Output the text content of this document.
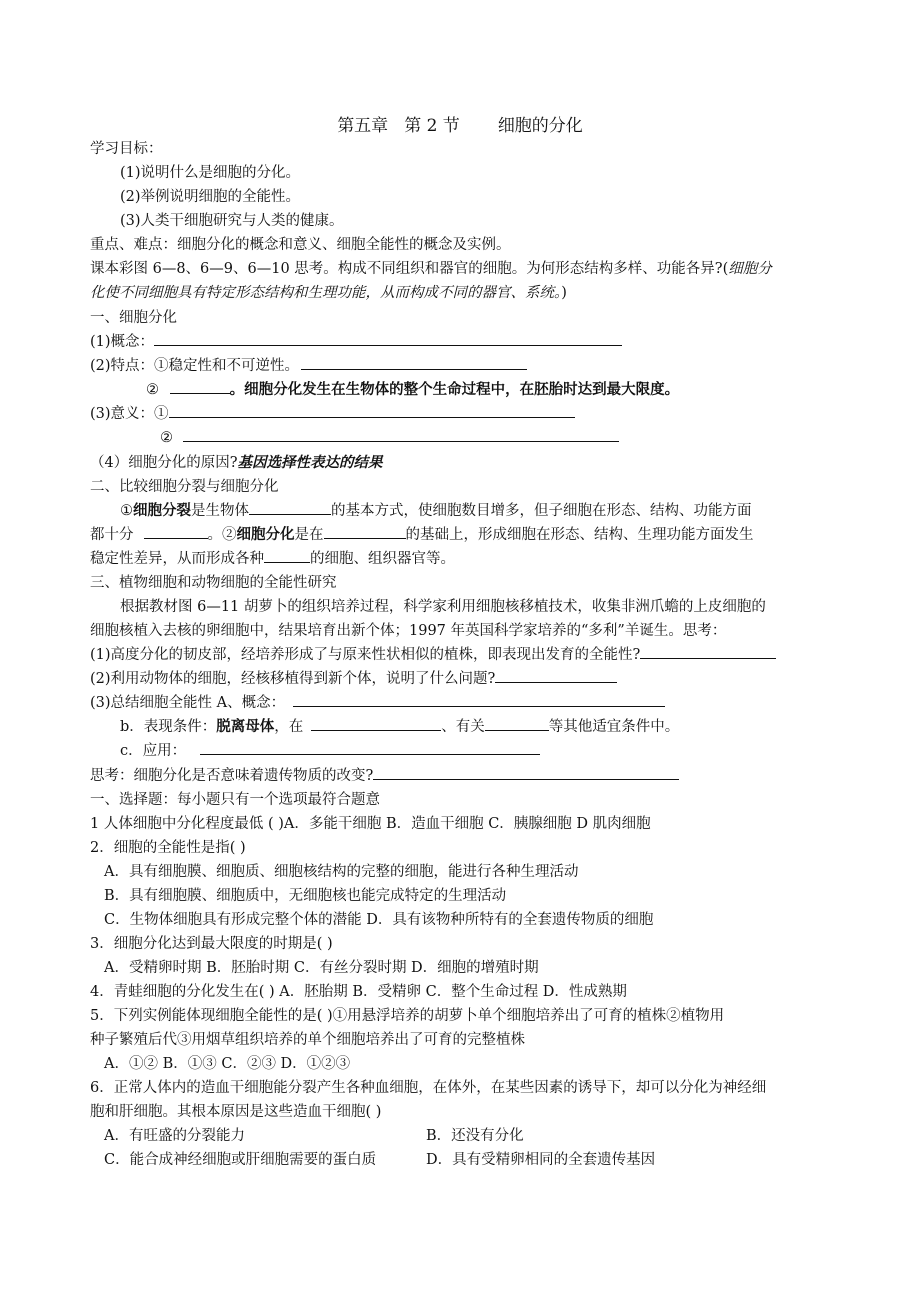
第五章 第 2 节 细胞的分化
学习目标：
(1)说明什么是细胞的分化。
(2)举例说明细胞的全能性。
(3)人类干细胞研究与人类的健康。
重点、难点：细胞分化的概念和意义、细胞全能性的概念及实例。
课本彩图 6—8、6—9、6—10 思考。构成不同组织和器官的细胞。为何形态结构多样、功能各异?(细胞分
化使不同细胞具有特定形态结构和生理功能，从而构成不同的器官、系统。)
一、细胞分化
(1)概念：
(2)特点：①稳定性和不可逆性。
②	。细胞分化发生在生物体的整个生命过程中，在胚胎时达到最大限度。
(3)意义：①
②
（4）细胞分化的原因?基因选择性表达的结果
二、比较细胞分裂与细胞分化
①细胞分裂是生物体	的基本方式，使细胞数目增多，但子细胞在形态、结构、功能方面
都十分	。②细胞分化是在	的基础上，形成细胞在形态、结构、生理功能方面发生
稳定性差异，从而形成各种	的细胞、组织器官等。
三、植物细胞和动物细胞的全能性研究
根据教材图 6—11 胡萝卜的组织培养过程，科学家利用细胞核移植技术，收集非洲爪蟾的上皮细胞的
细胞核植入去核的卵细胞中，结果培育出新个体；1997 年英国科学家培养的“多利”羊诞生。思考：
(1)高度分化的韧皮部，经培养形成了与原来性状相似的植株，即表现出发育的全能性?
(2)利用动物体的细胞，经核移植得到新个体，说明了什么问题?
(3)总结细胞全能性 A、概念：
b．表现条件：脱离母体，在	、有关	等其他适宜条件中。
c．应用：
思考：细胞分化是否意味着遗传物质的改变?
一、选择题：每小题只有一个选项最符合题意
1 人体细胞中分化程度最低 ( )A．多能干细胞 B．造血干细胞 C．胰腺细胞 D 肌肉细胞
2．细胞的全能性是指( )
A．具有细胞膜、细胞质、细胞核结构的完整的细胞，能进行各种生理活动
B．具有细胞膜、细胞质中，无细胞核也能完成特定的生理活动
C．生物体细胞具有形成完整个体的潜能 D．具有该物种所特有的全套遗传物质的细胞
3．细胞分化达到最大限度的时期是( )
A．受精卵时期 B．胚胎时期 C．有丝分裂时期 D．细胞的增殖时期
4．青蛙细胞的分化发生在( ) A．胚胎期 B．受精卵 C．整个生命过程 D．性成熟期
5．下列实例能体现细胞全能性的是( )①用悬浮培养的胡萝卜单个细胞培养出了可育的植株②植物用
种子繁殖后代③用烟草组织培养的单个细胞培养出了可育的完整植株
A．①② B．①③ C．②③ D．①②③
6．正常人体内的造血干细胞能分裂产生各种血细胞，在体外，在某些因素的诱导下，却可以分化为神经细
胞和肝细胞。其根本原因是这些造血干细胞( )
A．有旺盛的分裂能力	B．还没有分化
C．能合成神经细胞或肝细胞需要的蛋白质	D．具有受精卵相同的全套遗传基因
